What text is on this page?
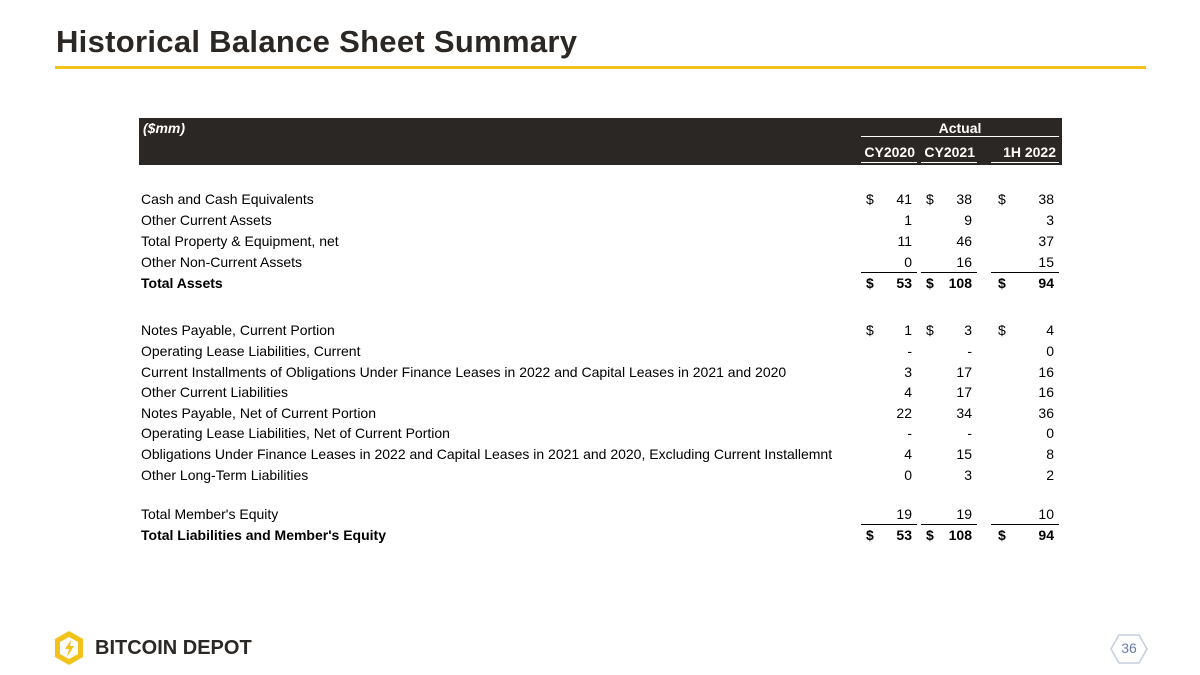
Historical Balance Sheet Summary
($mm)	Actual
CY2020 CY2021	1H 2022
Cash and Cash Equivalents	$	41 $	38 $	38
Other Current Assets	1	9	3
Total Property & Equipment, net	11	46	37
Other Non-Current Assets	0	16	15
Total Assets	$	53 $	108 $	94
Notes Payable, Current Portion	$	1 $	3 $	4
Operating Lease Liabilities, Current	-	-	0
Current Installments of Obligations Under Finance Leases in 2022 and Capital Leases in 2021 and 2020	3	17	16
Other Current Liabilities	4	17	16
Notes Payable, Net of Current Portion	22	34	36
Operating Lease Liabilities, Net of Current Portion	-	-	0
Obligations Under Finance Leases in 2022 and Capital Leases in 2021 and 2020, Excluding Current Installemnt	4	15	8
Other Long-Term Liabilities	0	3	2
Total Member's Equity	19	19	10
Total Liabilities and Member's Equity	$	53 $	108 $	94
BITCOIN DEPOT	36
